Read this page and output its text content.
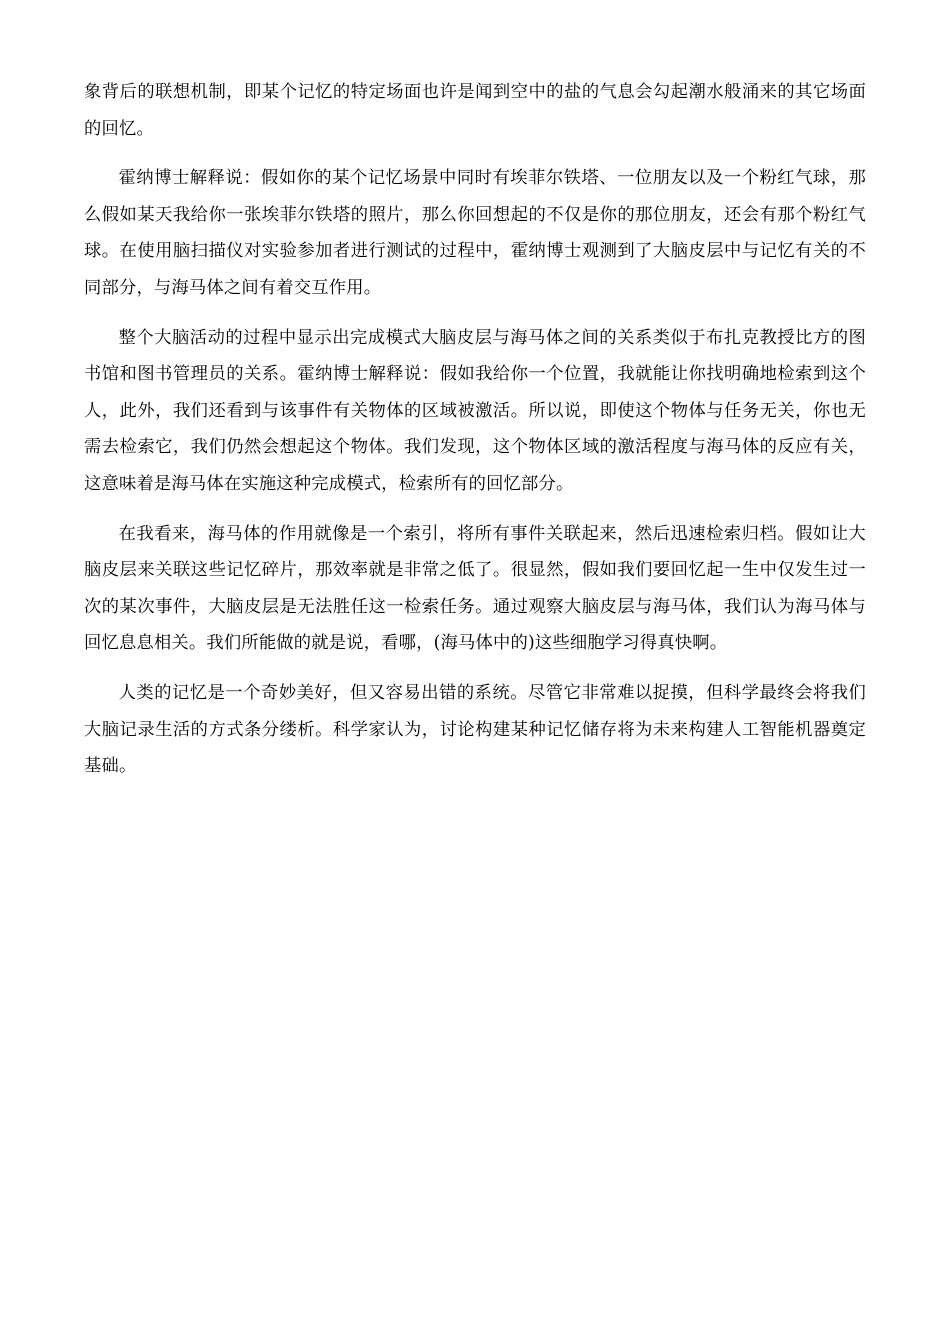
象背后的联想机制，即某个记忆的特定场面也许是闻到空中的盐的气息会勾起潮水般涌来的其它场面的回忆。

霍纳博士解释说：假如你的某个记忆场景中同时有埃菲尔铁塔、一位朋友以及一个粉红气球，那么假如某天我给你一张埃菲尔铁塔的照片，那么你回想起的不仅是你的那位朋友，还会有那个粉红气球。在使用脑扫描仪对实验参加者进行测试的过程中，霍纳博士观测到了大脑皮层中与记忆有关的不同部分，与海马体之间有着交互作用。

整个大脑活动的过程中显示出完成模式大脑皮层与海马体之间的关系类似于布扎克教授比方的图书馆和图书管理员的关系。霍纳博士解释说：假如我给你一个位置，我就能让你找明确地检索到这个人，此外，我们还看到与该事件有关物体的区域被激活。所以说，即使这个物体与任务无关，你也无需去检索它，我们仍然会想起这个物体。我们发现，这个物体区域的激活程度与海马体的反应有关，这意味着是海马体在实施这种完成模式，检索所有的回忆部分。

在我看来，海马体的作用就像是一个索引，将所有事件关联起来，然后迅速检索归档。假如让大脑皮层来关联这些记忆碎片，那效率就是非常之低了。很显然，假如我们要回忆起一生中仅发生过一次的某次事件，大脑皮层是无法胜任这一检索任务。通过观察大脑皮层与海马体，我们认为海马体与回忆息息相关。我们所能做的就是说，看哪，(海马体中的)这些细胞学习得真快啊。

人类的记忆是一个奇妙美好，但又容易出错的系统。尽管它非常难以捉摸，但科学最终会将我们大脑记录生活的方式条分缕析。科学家认为，讨论构建某种记忆储存将为未来构建人工智能机器奠定基础。
